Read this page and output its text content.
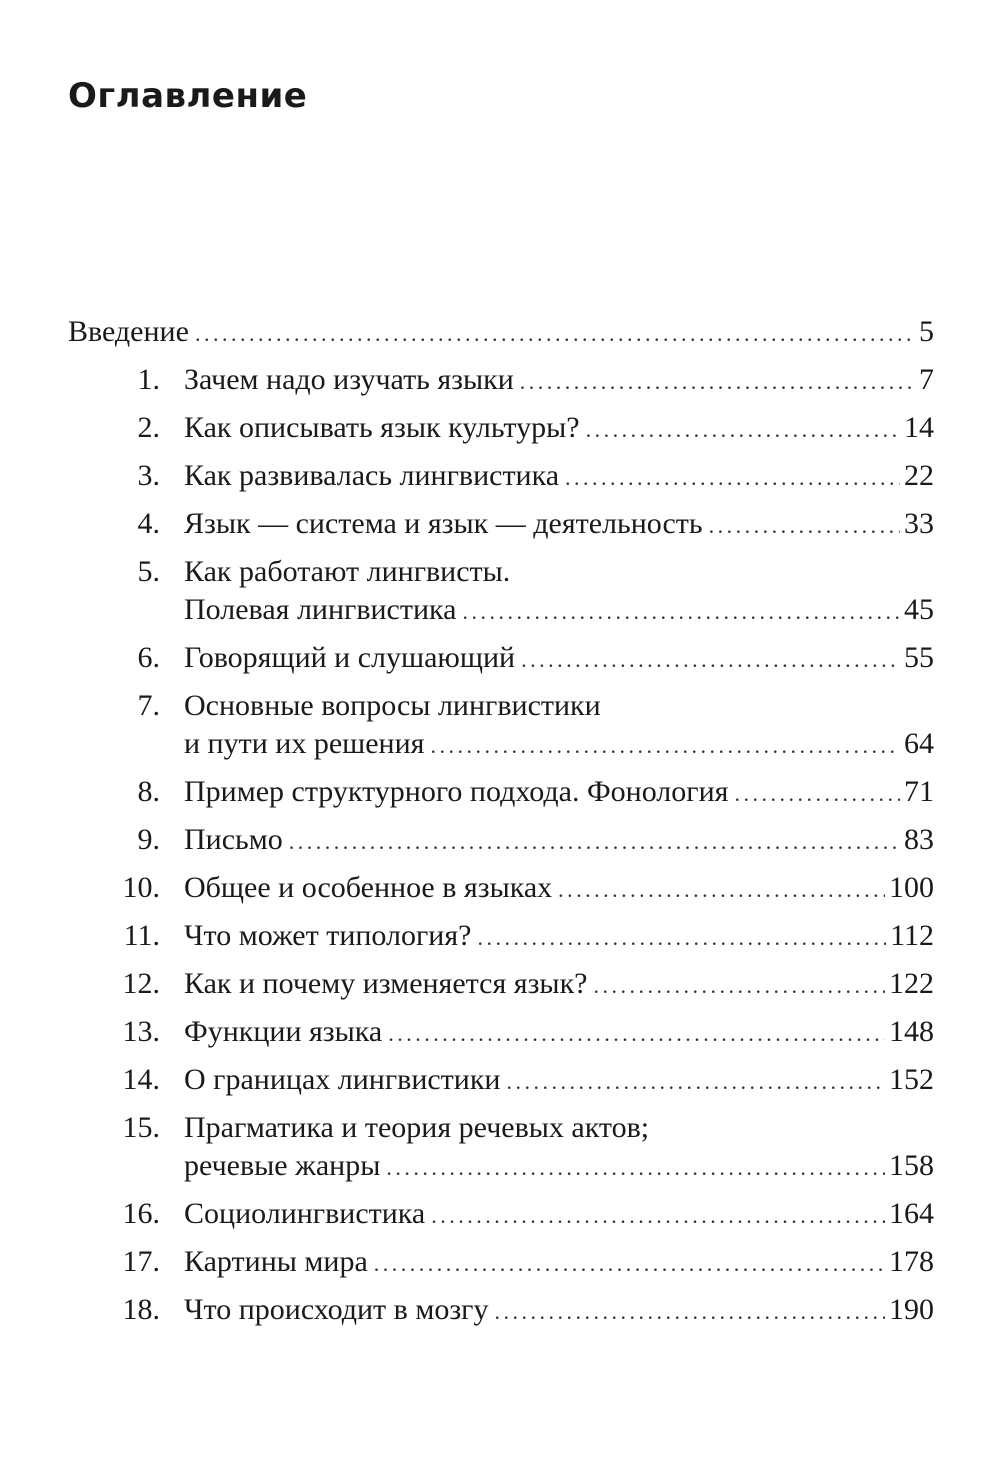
Оглавление
Введение . . .	5
1. Зачем надо изучать языки . . .	7
2. Как описывать язык культуры? . . .	14
3. Как развивалась лингвистика . . .	22
4. Язык — система и язык — деятельность . . .	33
5. Как работают лингвисты.
Полевая лингвистика . . .	45
6. Говорящий и слушающий . . .	55
7. Основные вопросы лингвистики
и пути их решения . . .	64
8. Пример структурного подхода. Фонология . . .	71
9. Письмо . . .	83
10. Общее и особенное в языках . . .	100
11. Что может типология? . . .	112
12. Как и почему изменяется язык? . . .	122
13. Функции языка . . .	148
14. О границах лингвистики . . .	152
15. Прагматика и теория речевых актов;
речевые жанры . . .	158
16. Социолингвистика . . .	164
17. Картины мира . . .	178
18. Что происходит в мозгу . . .	190
